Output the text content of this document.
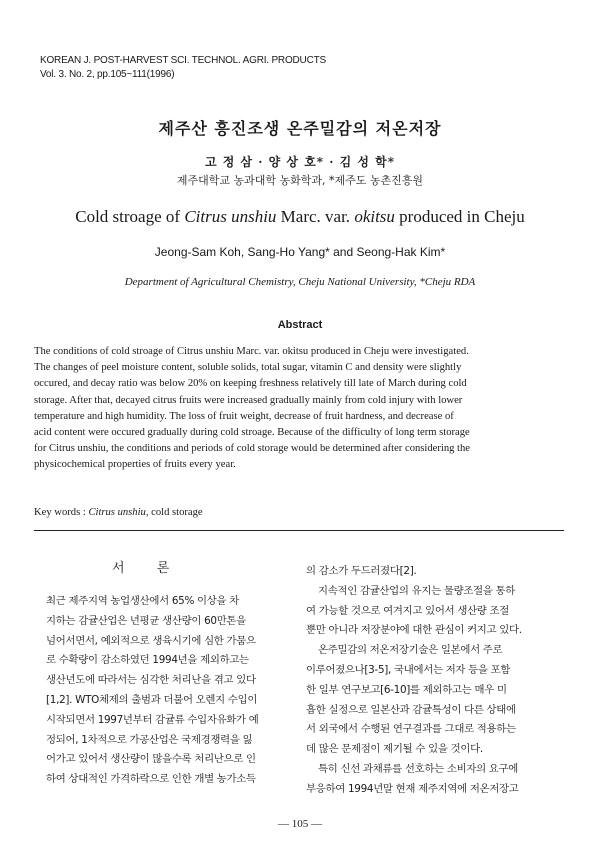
KOREAN J. POST-HARVEST SCI. TECHNOL. AGRI. PRODUCTS
Vol. 3. No. 2, pp.105~111(1996)
제주산 흥진조생 온주밀감의 저온저장
고 정 삼 · 양 상 호* · 김 성 학*
제주대학교 농과대학 농화학과, *제주도 농촌진흥원
Cold stroage of Citrus unshiu Marc. var. okitsu produced in Cheju
Jeong-Sam Koh, Sang-Ho Yang* and Seong-Hak Kim*
Department of Agricultural Chemistry, Cheju National University, *Cheju RDA
Abstract
The conditions of cold stroage of Citrus unshiu Marc. var. okitsu produced in Cheju were investigated.
The changes of peel moisture content, soluble solids, total sugar, vitamin C and density were slightly
occured, and decay ratio was below 20% on keeping freshness relatively till late of March during cold
storage. After that, decayed citrus fruits were increased gradually mainly from cold injury with lower
temperature and high humidity. The loss of fruit weight, decrease of fruit hardness, and decrease of
acid content were occured gradually during cold stroage. Because of the difficulty of long term storage
for Citrus unshiu, the conditions and periods of cold storage would be determined after considering the
physicochemical properties of fruits every year.
Key words : Citrus unshiu, cold storage
서 론
최근 제주지역 농업생산에서 65% 이상을 차
지하는 감귤산업은 년평균 생산량이 60만톤을
넘어서면서, 예외적으로 생육시기에 심한 가뭄으
로 수확량이 감소하였던 1994년을 제외하고는
생산년도에 따라서는 심각한 처리난을 겪고 있다
[1,2]. WTO체제의 출범과 더불어 오렌지 수입이
시작되면서 1997년부터 감귤류 수입자유화가 예
정되어, 1차적으로 가공산업은 국제경쟁력을 잃
어가고 있어서 생산량이 많을수록 처리난으로 인
하여 상대적인 가격하락으로 인한 개별 농가소득
의 감소가 두드러졌다[2].
지속적인 감귤산업의 유지는 물량조절을 통하
여 가능할 것으로 여겨지고 있어서 생산량 조절
뿐만 아니라 저장분야에 대한 관심이 커지고 있다.
온주밀감의 저온저장기술은 일본에서 주로
이루어졌으나[3-5], 국내에서는 저자 등을 포함
한 일부 연구보고[6-10]를 제외하고는 매우 미
흡한 실정으로 일본산과 감귤특성이 다른 상태에
서 외국에서 수행된 연구결과를 그대로 적용하는
데 많은 문제점이 제기될 수 있을 것이다.
특히 신선 과채류를 선호하는 소비자의 요구에
부응하여 1994년말 현재 제주지역에 저온저장고
— 105 —
